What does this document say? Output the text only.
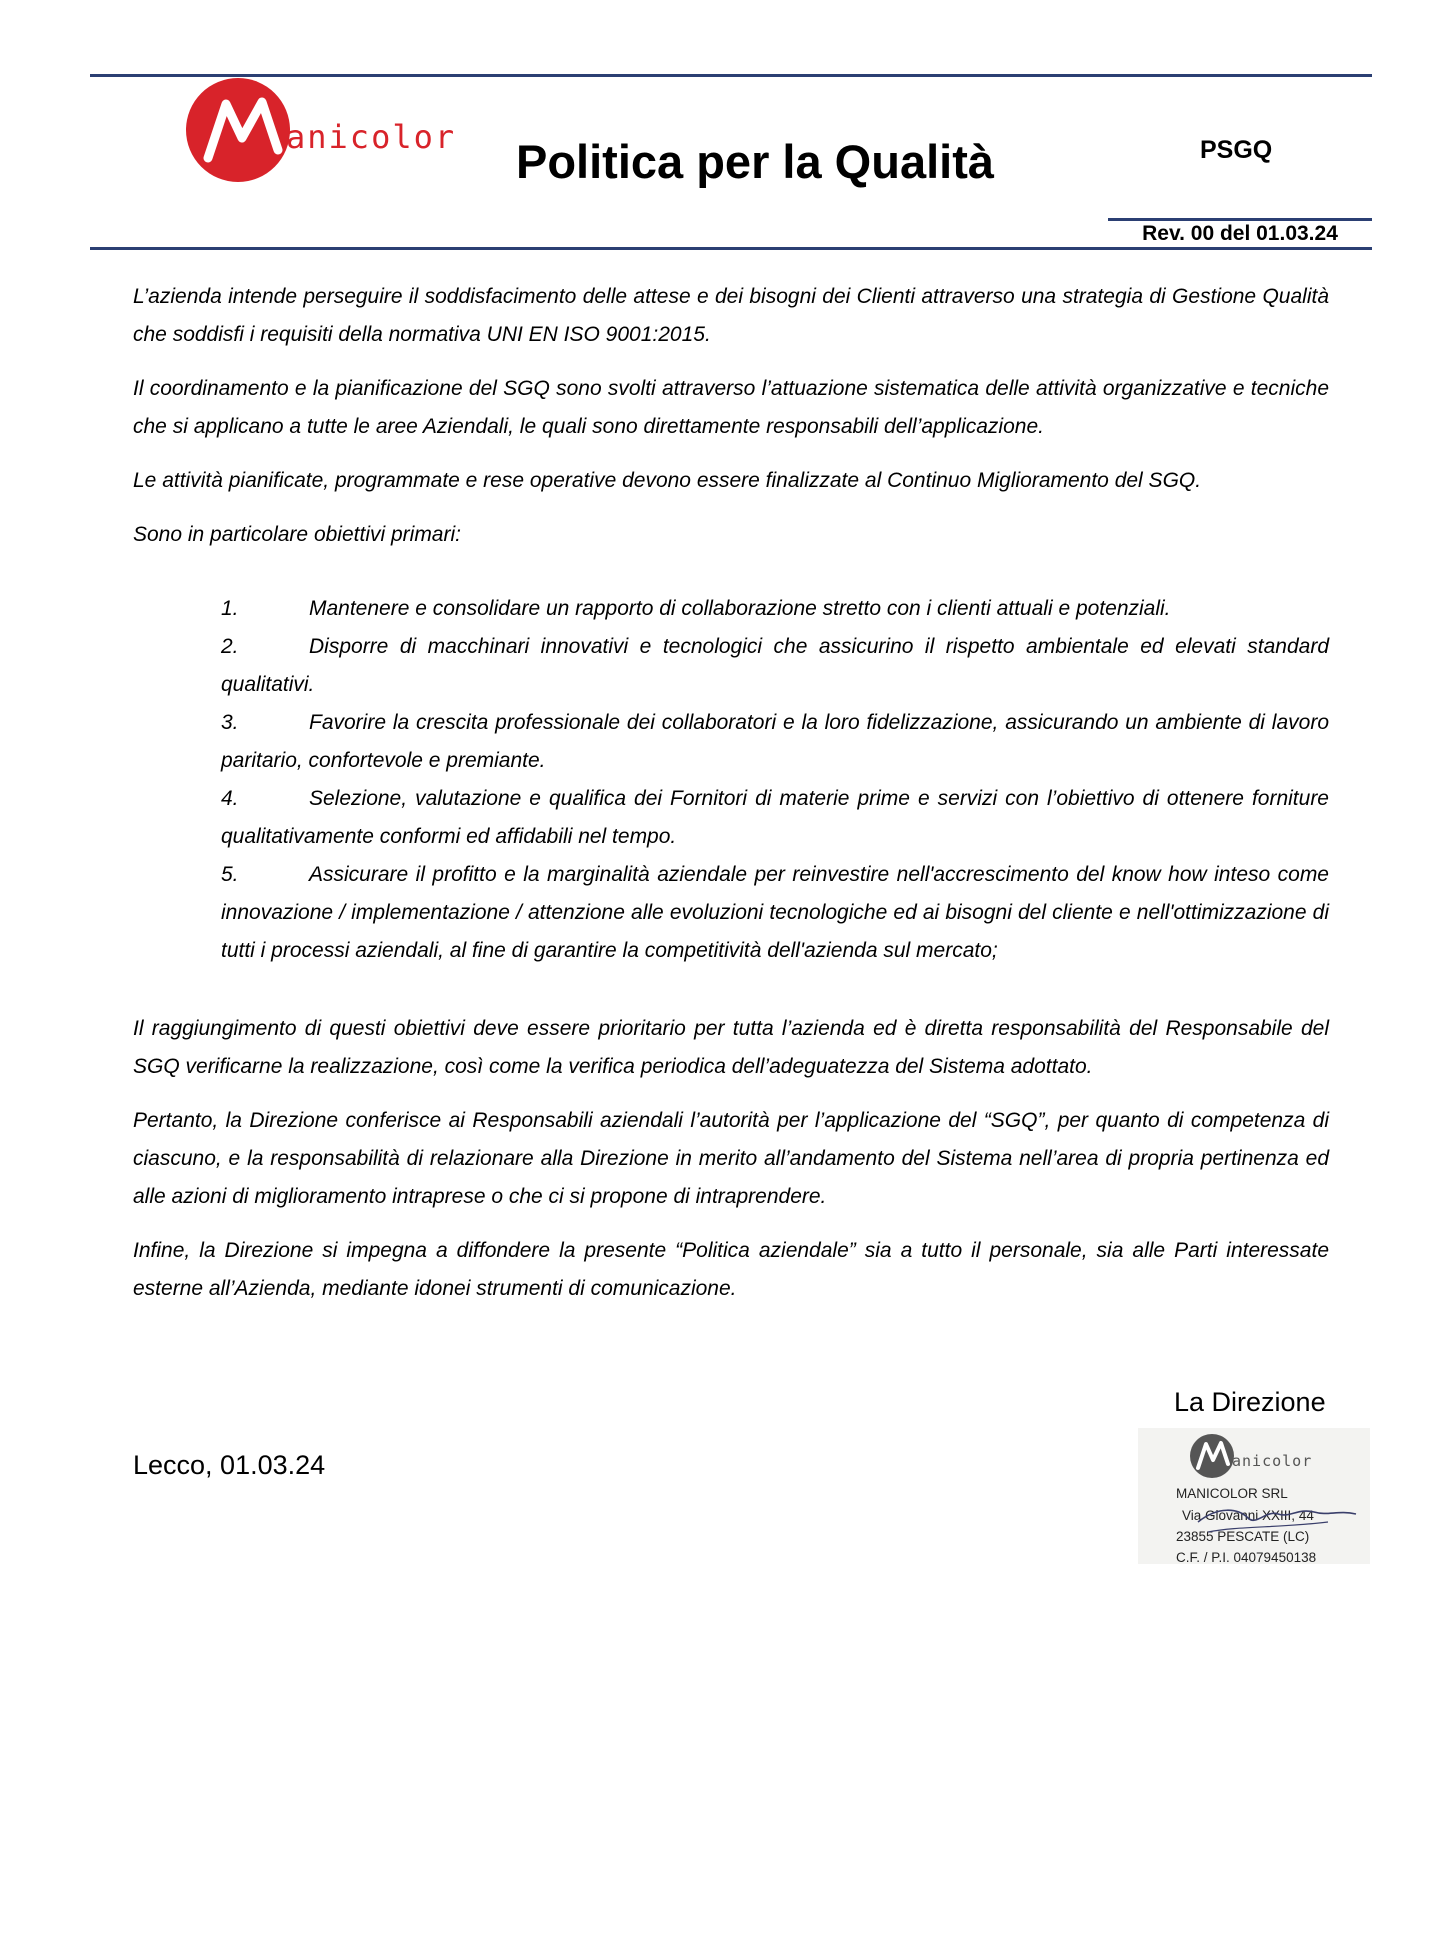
anicolor	Politica per la Qualità	PSGQ
Rev. 00 del 01.03.24

L’azienda intende perseguire il soddisfacimento delle attese e dei bisogni dei Clienti attraverso una strategia di Gestione Qualità che soddisfi i requisiti della normativa UNI EN ISO 9001:2015.

Il coordinamento e la pianificazione del SGQ sono svolti attraverso l’attuazione sistematica delle attività organizzative e tecniche che si applicano a tutte le aree Aziendali, le quali sono direttamente responsabili dell’applicazione.

Le attività pianificate, programmate e rese operative devono essere finalizzate al Continuo Miglioramento del SGQ.

Sono in particolare obiettivi primari:

1.	Mantenere e consolidare un rapporto di collaborazione stretto con i clienti attuali e potenziali.

2.	Disporre di macchinari innovativi e tecnologici che assicurino il rispetto ambientale ed elevati standard qualitativi.

3.	Favorire la crescita professionale dei collaboratori e la loro fidelizzazione, assicurando un ambiente di lavoro paritario, confortevole e premiante.

4.	Selezione, valutazione e qualifica dei Fornitori di materie prime e servizi con l’obiettivo di ottenere forniture qualitativamente conformi ed affidabili nel tempo.

5.	Assicurare il profitto e la marginalità aziendale per reinvestire nell'accrescimento del know how inteso come innovazione / implementazione / attenzione alle evoluzioni tecnologiche ed ai bisogni del cliente e nell'ottimizzazione di tutti i processi aziendali, al fine di garantire la competitività dell'azienda sul mercato;

Il raggiungimento di questi obiettivi deve essere prioritario per tutta l’azienda ed è diretta responsabilità del Responsabile del SGQ verificarne la realizzazione, così come la verifica periodica dell’adeguatezza del Sistema adottato.

Pertanto, la Direzione conferisce ai Responsabili aziendali l’autorità per l’applicazione del “SGQ”, per quanto di competenza di ciascuno, e la responsabilità di relazionare alla Direzione in merito all’andamento del Sistema nell’area di propria pertinenza ed alle azioni di miglioramento intraprese o che ci si propone di intraprendere.

Infine, la Direzione si impegna a diffondere la presente “Politica aziendale” sia a tutto il personale, sia alle Parti interessate esterne all’Azienda, mediante idonei strumenti di comunicazione.

Lecco, 01.03.24
La Direzione
anicolor
MANICOLOR SRL
Via Giovanni XXIII, 44
23855 PESCATE (LC)
C.F. / P.I. 04079450138
